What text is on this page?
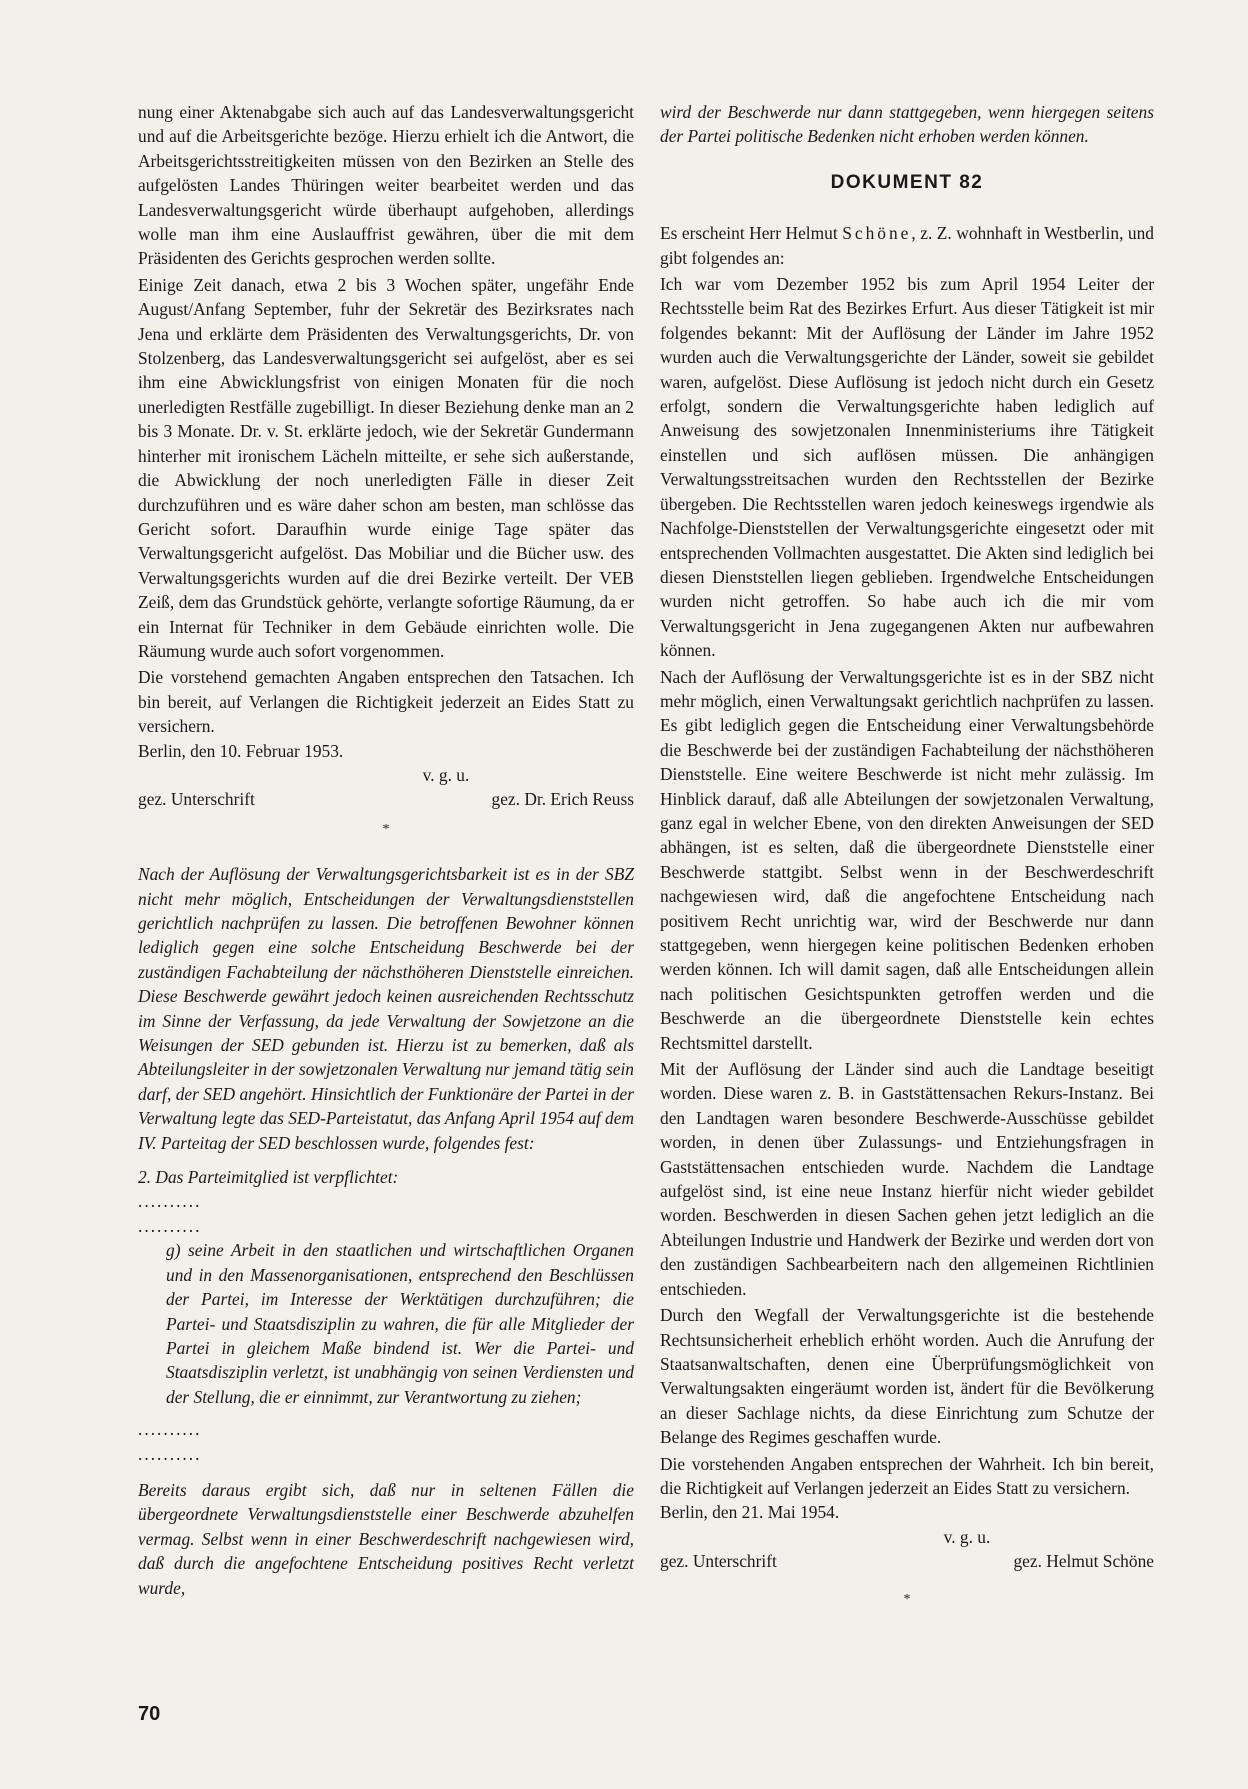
nung einer Aktenabgabe sich auch auf das Landesverwaltungsgericht und auf die Arbeitsgerichte bezöge. Hierzu erhielt ich die Antwort, die Arbeitsgerichtsstreitigkeiten müssen von den Bezirken an Stelle des aufgelösten Landes Thüringen weiter bearbeitet werden und das Landesverwaltungsgericht würde überhaupt aufgehoben, allerdings wolle man ihm eine Auslauffrist gewähren, über die mit dem Präsidenten des Gerichts gesprochen werden sollte.

Einige Zeit danach, etwa 2 bis 3 Wochen später, ungefähr Ende August/Anfang September, fuhr der Sekretär des Bezirksrates nach Jena und erklärte dem Präsidenten des Verwaltungsgerichts, Dr. von Stolzenberg, das Landesverwaltungsgericht sei aufgelöst, aber es sei ihm eine Abwicklungsfrist von einigen Monaten für die noch unerledigten Restfälle zugebilligt. In dieser Beziehung denke man an 2 bis 3 Monate. Dr. v. St. erklärte jedoch, wie der Sekretär Gundermann hinterher mit ironischem Lächeln mitteilte, er sehe sich außerstande, die Abwicklung der noch unerledigten Fälle in dieser Zeit durchzuführen und es wäre daher schon am besten, man schlösse das Gericht sofort. Daraufhin wurde einige Tage später das Verwaltungsgericht aufgelöst. Das Mobiliar und die Bücher usw. des Verwaltungsgerichts wurden auf die drei Bezirke verteilt. Der VEB Zeiß, dem das Grundstück gehörte, verlangte sofortige Räumung, da er ein Internat für Techniker in dem Gebäude einrichten wolle. Die Räumung wurde auch sofort vorgenommen.

Die vorstehend gemachten Angaben entsprechen den Tatsachen. Ich bin bereit, auf Verlangen die Richtigkeit jederzeit an Eides Statt zu versichern.

Berlin, den 10. Februar 1953.

v. g. u.

gez. Unterschrift	gez. Dr. Erich Reuss

*

Nach der Auflösung der Verwaltungsgerichtsbarkeit ist es in der SBZ nicht mehr möglich, Entscheidungen der Verwaltungsdienststellen gerichtlich nachprüfen zu lassen. Die betroffenen Bewohner können lediglich gegen eine solche Entscheidung Beschwerde bei der zuständigen Fachabteilung der nächsthöheren Dienststelle einreichen. Diese Beschwerde gewährt jedoch keinen ausreichenden Rechtsschutz im Sinne der Verfassung, da jede Verwaltung der Sowjetzone an die Weisungen der SED gebunden ist. Hierzu ist zu bemerken, daß als Abteilungsleiter in der sowjetzonalen Verwaltung nur jemand tätig sein darf, der SED angehört. Hinsichtlich der Funktionäre der Partei in der Verwaltung legte das SED-Parteistatut, das Anfang April 1954 auf dem IV. Parteitag der SED beschlossen wurde, folgendes fest:

2. Das Parteimitglied ist verpflichtet:

..........

..........

g) seine Arbeit in den staatlichen und wirtschaftlichen Organen und in den Massenorganisationen, entsprechend den Beschlüssen der Partei, im Interesse der Werktätigen durchzuführen; die Partei- und Staatsdisziplin zu wahren, die für alle Mitglieder der Partei in gleichem Maße bindend ist. Wer die Partei- und Staatsdisziplin verletzt, ist unabhängig von seinen Verdiensten und der Stellung, die er einnimmt, zur Verantwortung zu ziehen;

..........

..........

Bereits daraus ergibt sich, daß nur in seltenen Fällen die übergeordnete Verwaltungsdienststelle einer Beschwerde abzuhelfen vermag. Selbst wenn in einer Beschwerdeschrift nachgewiesen wird, daß durch die angefochtene Entscheidung positives Recht verletzt wurde,

wird der Beschwerde nur dann stattgegeben, wenn hiergegen seitens der Partei politische Bedenken nicht erhoben werden können.

DOKUMENT 82

Es erscheint Herr Helmut Schöne, z. Z. wohnhaft in Westberlin, und gibt folgendes an:

Ich war vom Dezember 1952 bis zum April 1954 Leiter der Rechtsstelle beim Rat des Bezirkes Erfurt. Aus dieser Tätigkeit ist mir folgendes bekannt: Mit der Auflösung der Länder im Jahre 1952 wurden auch die Verwaltungsgerichte der Länder, soweit sie gebildet waren, aufgelöst. Diese Auflösung ist jedoch nicht durch ein Gesetz erfolgt, sondern die Verwaltungsgerichte haben lediglich auf Anweisung des sowjetzonalen Innenministeriums ihre Tätigkeit einstellen und sich auflösen müssen. Die anhängigen Verwaltungsstreitsachen wurden den Rechtsstellen der Bezirke übergeben. Die Rechtsstellen waren jedoch keineswegs irgendwie als Nachfolge-Dienststellen der Verwaltungsgerichte eingesetzt oder mit entsprechenden Vollmachten ausgestattet. Die Akten sind lediglich bei diesen Dienststellen liegen geblieben. Irgendwelche Entscheidungen wurden nicht getroffen. So habe auch ich die mir vom Verwaltungsgericht in Jena zugegangenen Akten nur aufbewahren können.

Nach der Auflösung der Verwaltungsgerichte ist es in der SBZ nicht mehr möglich, einen Verwaltungsakt gerichtlich nachprüfen zu lassen. Es gibt lediglich gegen die Entscheidung einer Verwaltungsbehörde die Beschwerde bei der zuständigen Fachabteilung der nächsthöheren Dienststelle. Eine weitere Beschwerde ist nicht mehr zulässig. Im Hinblick darauf, daß alle Abteilungen der sowjetzonalen Verwaltung, ganz egal in welcher Ebene, von den direkten Anweisungen der SED abhängen, ist es selten, daß die übergeordnete Dienststelle einer Beschwerde stattgibt. Selbst wenn in der Beschwerdeschrift nachgewiesen wird, daß die angefochtene Entscheidung nach positivem Recht unrichtig war, wird der Beschwerde nur dann stattgegeben, wenn hiergegen keine politischen Bedenken erhoben werden können. Ich will damit sagen, daß alle Entscheidungen allein nach politischen Gesichtspunkten getroffen werden und die Beschwerde an die übergeordnete Dienststelle kein echtes Rechtsmittel darstellt.

Mit der Auflösung der Länder sind auch die Landtage beseitigt worden. Diese waren z. B. in Gaststättensachen Rekurs-Instanz. Bei den Landtagen waren besondere Beschwerde-Ausschüsse gebildet worden, in denen über Zulassungs- und Entziehungsfragen in Gaststättensachen entschieden wurde. Nachdem die Landtage aufgelöst sind, ist eine neue Instanz hierfür nicht wieder gebildet worden. Beschwerden in diesen Sachen gehen jetzt lediglich an die Abteilungen Industrie und Handwerk der Bezirke und werden dort von den zuständigen Sachbearbeitern nach den allgemeinen Richtlinien entschieden.

Durch den Wegfall der Verwaltungsgerichte ist die bestehende Rechtsunsicherheit erheblich erhöht worden. Auch die Anrufung der Staatsanwaltschaften, denen eine Überprüfungsmöglichkeit von Verwaltungsakten eingeräumt worden ist, ändert für die Bevölkerung an dieser Sachlage nichts, da diese Einrichtung zum Schutze der Belange des Regimes geschaffen wurde.

Die vorstehenden Angaben entsprechen der Wahrheit. Ich bin bereit, die Richtigkeit auf Verlangen jederzeit an Eides Statt zu versichern.

Berlin, den 21. Mai 1954.

v. g. u.

gez. Unterschrift	gez. Helmut Schöne

*

70
